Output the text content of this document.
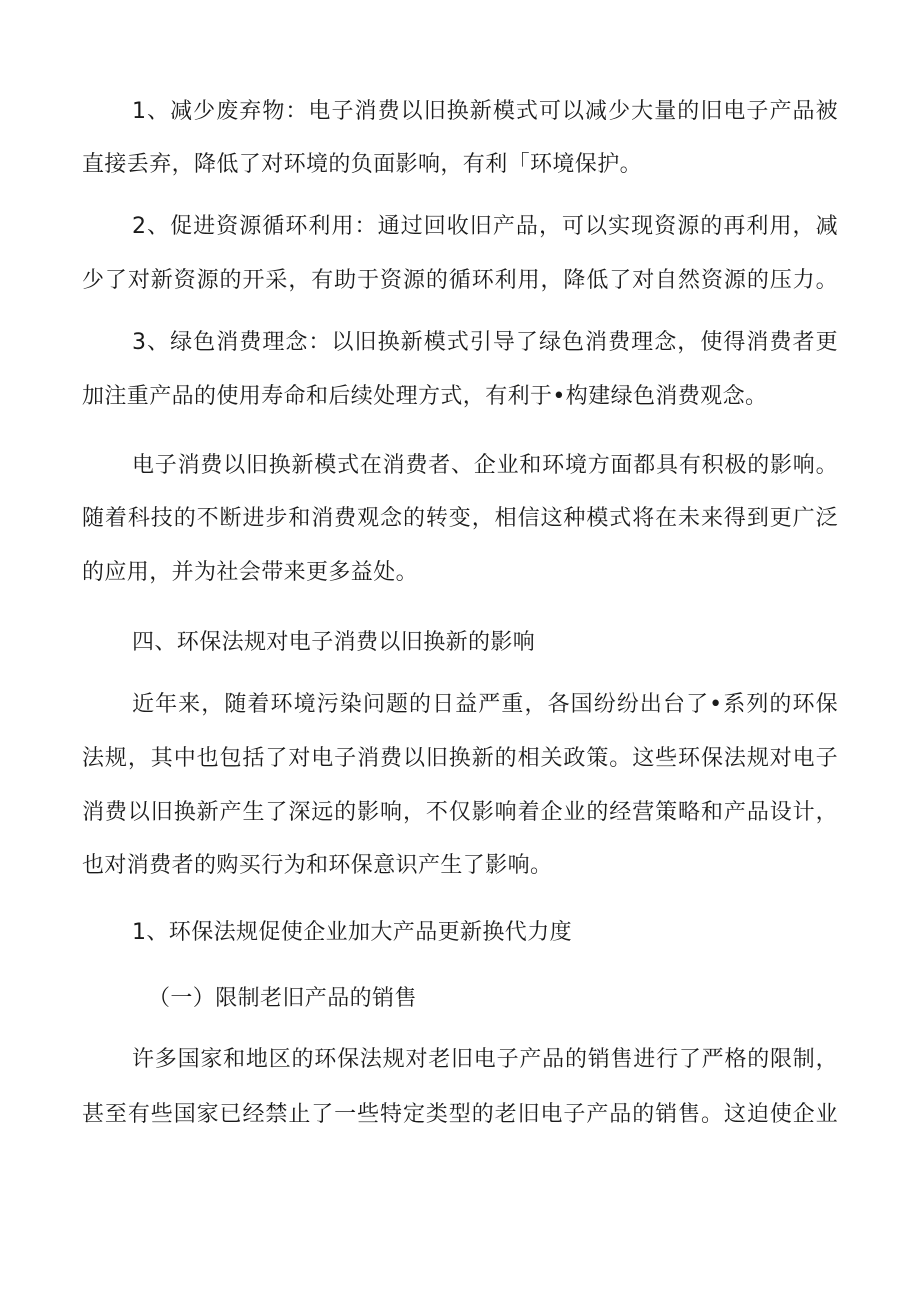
1、减少废弃物：电子消费以旧换新模式可以减少大量的旧电子产品被
直接丢弃，降低了对环境的负面影响，有利「环境保护。
2、促进资源循环利用：通过回收旧产品，可以实现资源的再利用，减
少了对新资源的开采，有助于资源的循环利用，降低了对自然资源的压力。
3、绿色消费理念：以旧换新模式引导了绿色消费理念，使得消费者更
加注重产品的使用寿命和后续处理方式，有利于•构建绿色消费观念。
电子消费以旧换新模式在消费者、企业和环境方面都具有积极的影响。
随着科技的不断进步和消费观念的转变，相信这种模式将在未来得到更广泛
的应用，并为社会带来更多益处。
四、环保法规对电子消费以旧换新的影响
近年来，随着环境污染问题的日益严重，各国纷纷出台了•系列的环保
法规，其中也包括了对电子消费以旧换新的相关政策。这些环保法规对电子
消费以旧换新产生了深远的影响，不仅影响着企业的经营策略和产品设计，
也对消费者的购买行为和环保意识产生了影响。
1、环保法规促使企业加大产品更新换代力度
（一）限制老旧产品的销售
许多国家和地区的环保法规对老旧电子产品的销售进行了严格的限制，
甚至有些国家已经禁止了一些特定类型的老旧电子产品的销售。这迫使企业
